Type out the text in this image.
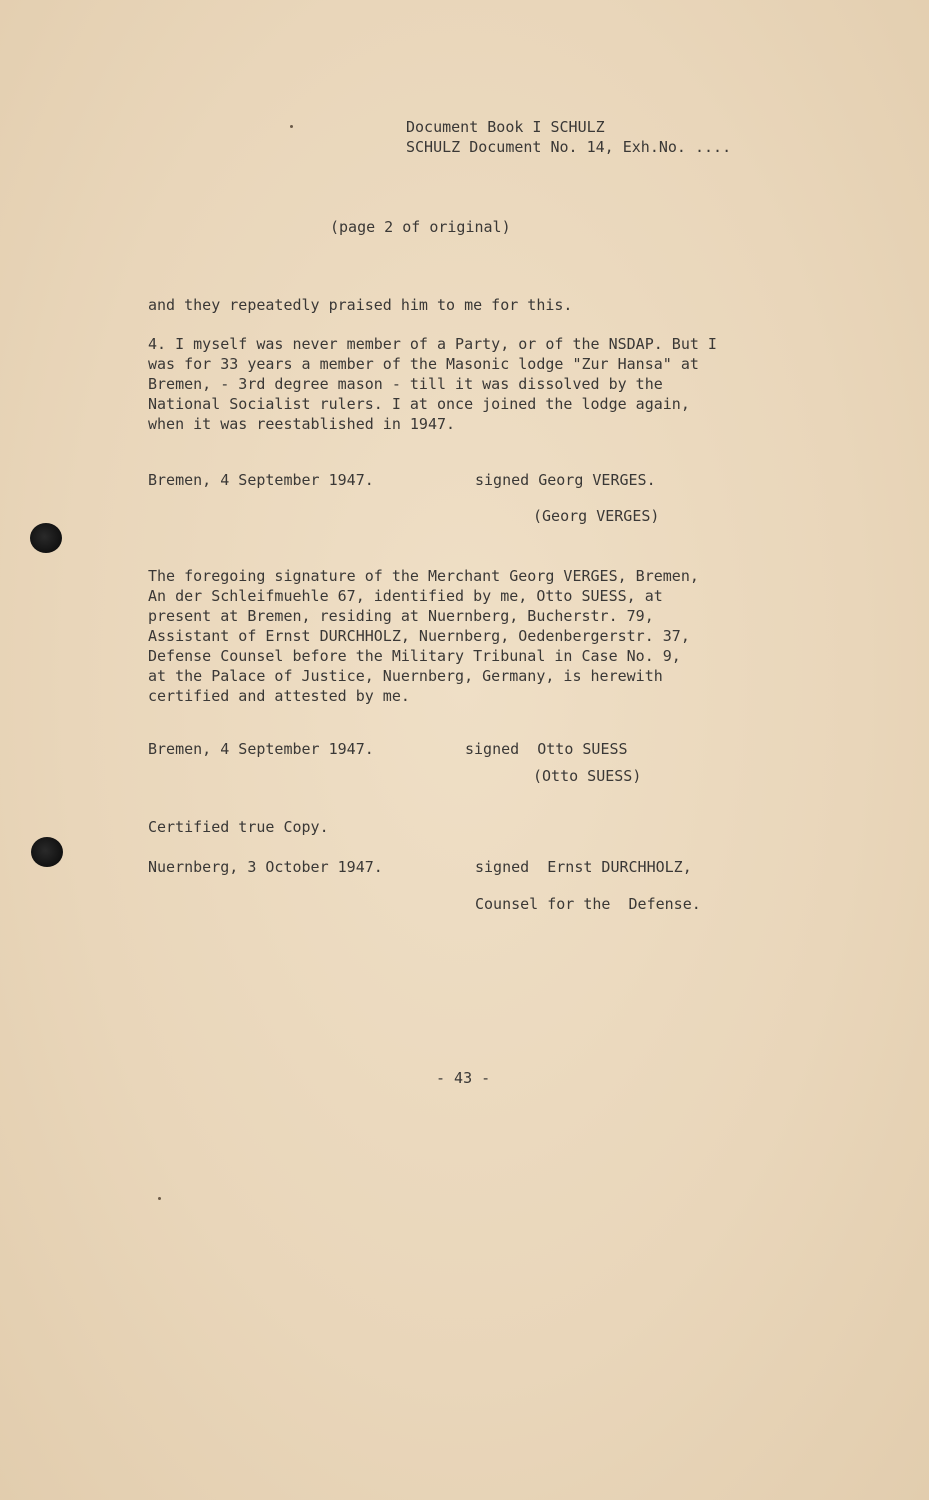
Document Book I SCHULZ
SCHULZ Document No. 14, Exh.No. ....
(page 2 of original)
and they repeatedly praised him to me for this.
4. I myself was never member of a Party, or of the NSDAP. But I
was for 33 years a member of the Masonic lodge "Zur Hansa" at
Bremen, - 3rd degree mason - till it was dissolved by the
National Socialist rulers. I at once joined the lodge again,
when it was reestablished in 1947.
Bremen, 4 September 1947.	signed Georg VERGES.
(Georg VERGES)
The foregoing signature of the Merchant Georg VERGES, Bremen,
An der Schleifmuehle 67, identified by me, Otto SUESS, at
present at Bremen, residing at Nuernberg, Bucherstr. 79,
Assistant of Ernst DURCHHOLZ, Nuernberg, Oedenbergerstr. 37,
Defense Counsel before the Military Tribunal in Case No. 9,
at the Palace of Justice, Nuernberg, Germany, is herewith
certified and attested by me.
Bremen, 4 September 1947.	signed  Otto SUESS
(Otto SUESS)
Certified true Copy.
Nuernberg, 3 October 1947.	signed  Ernst DURCHHOLZ,
Counsel for the  Defense.
- 43 -
